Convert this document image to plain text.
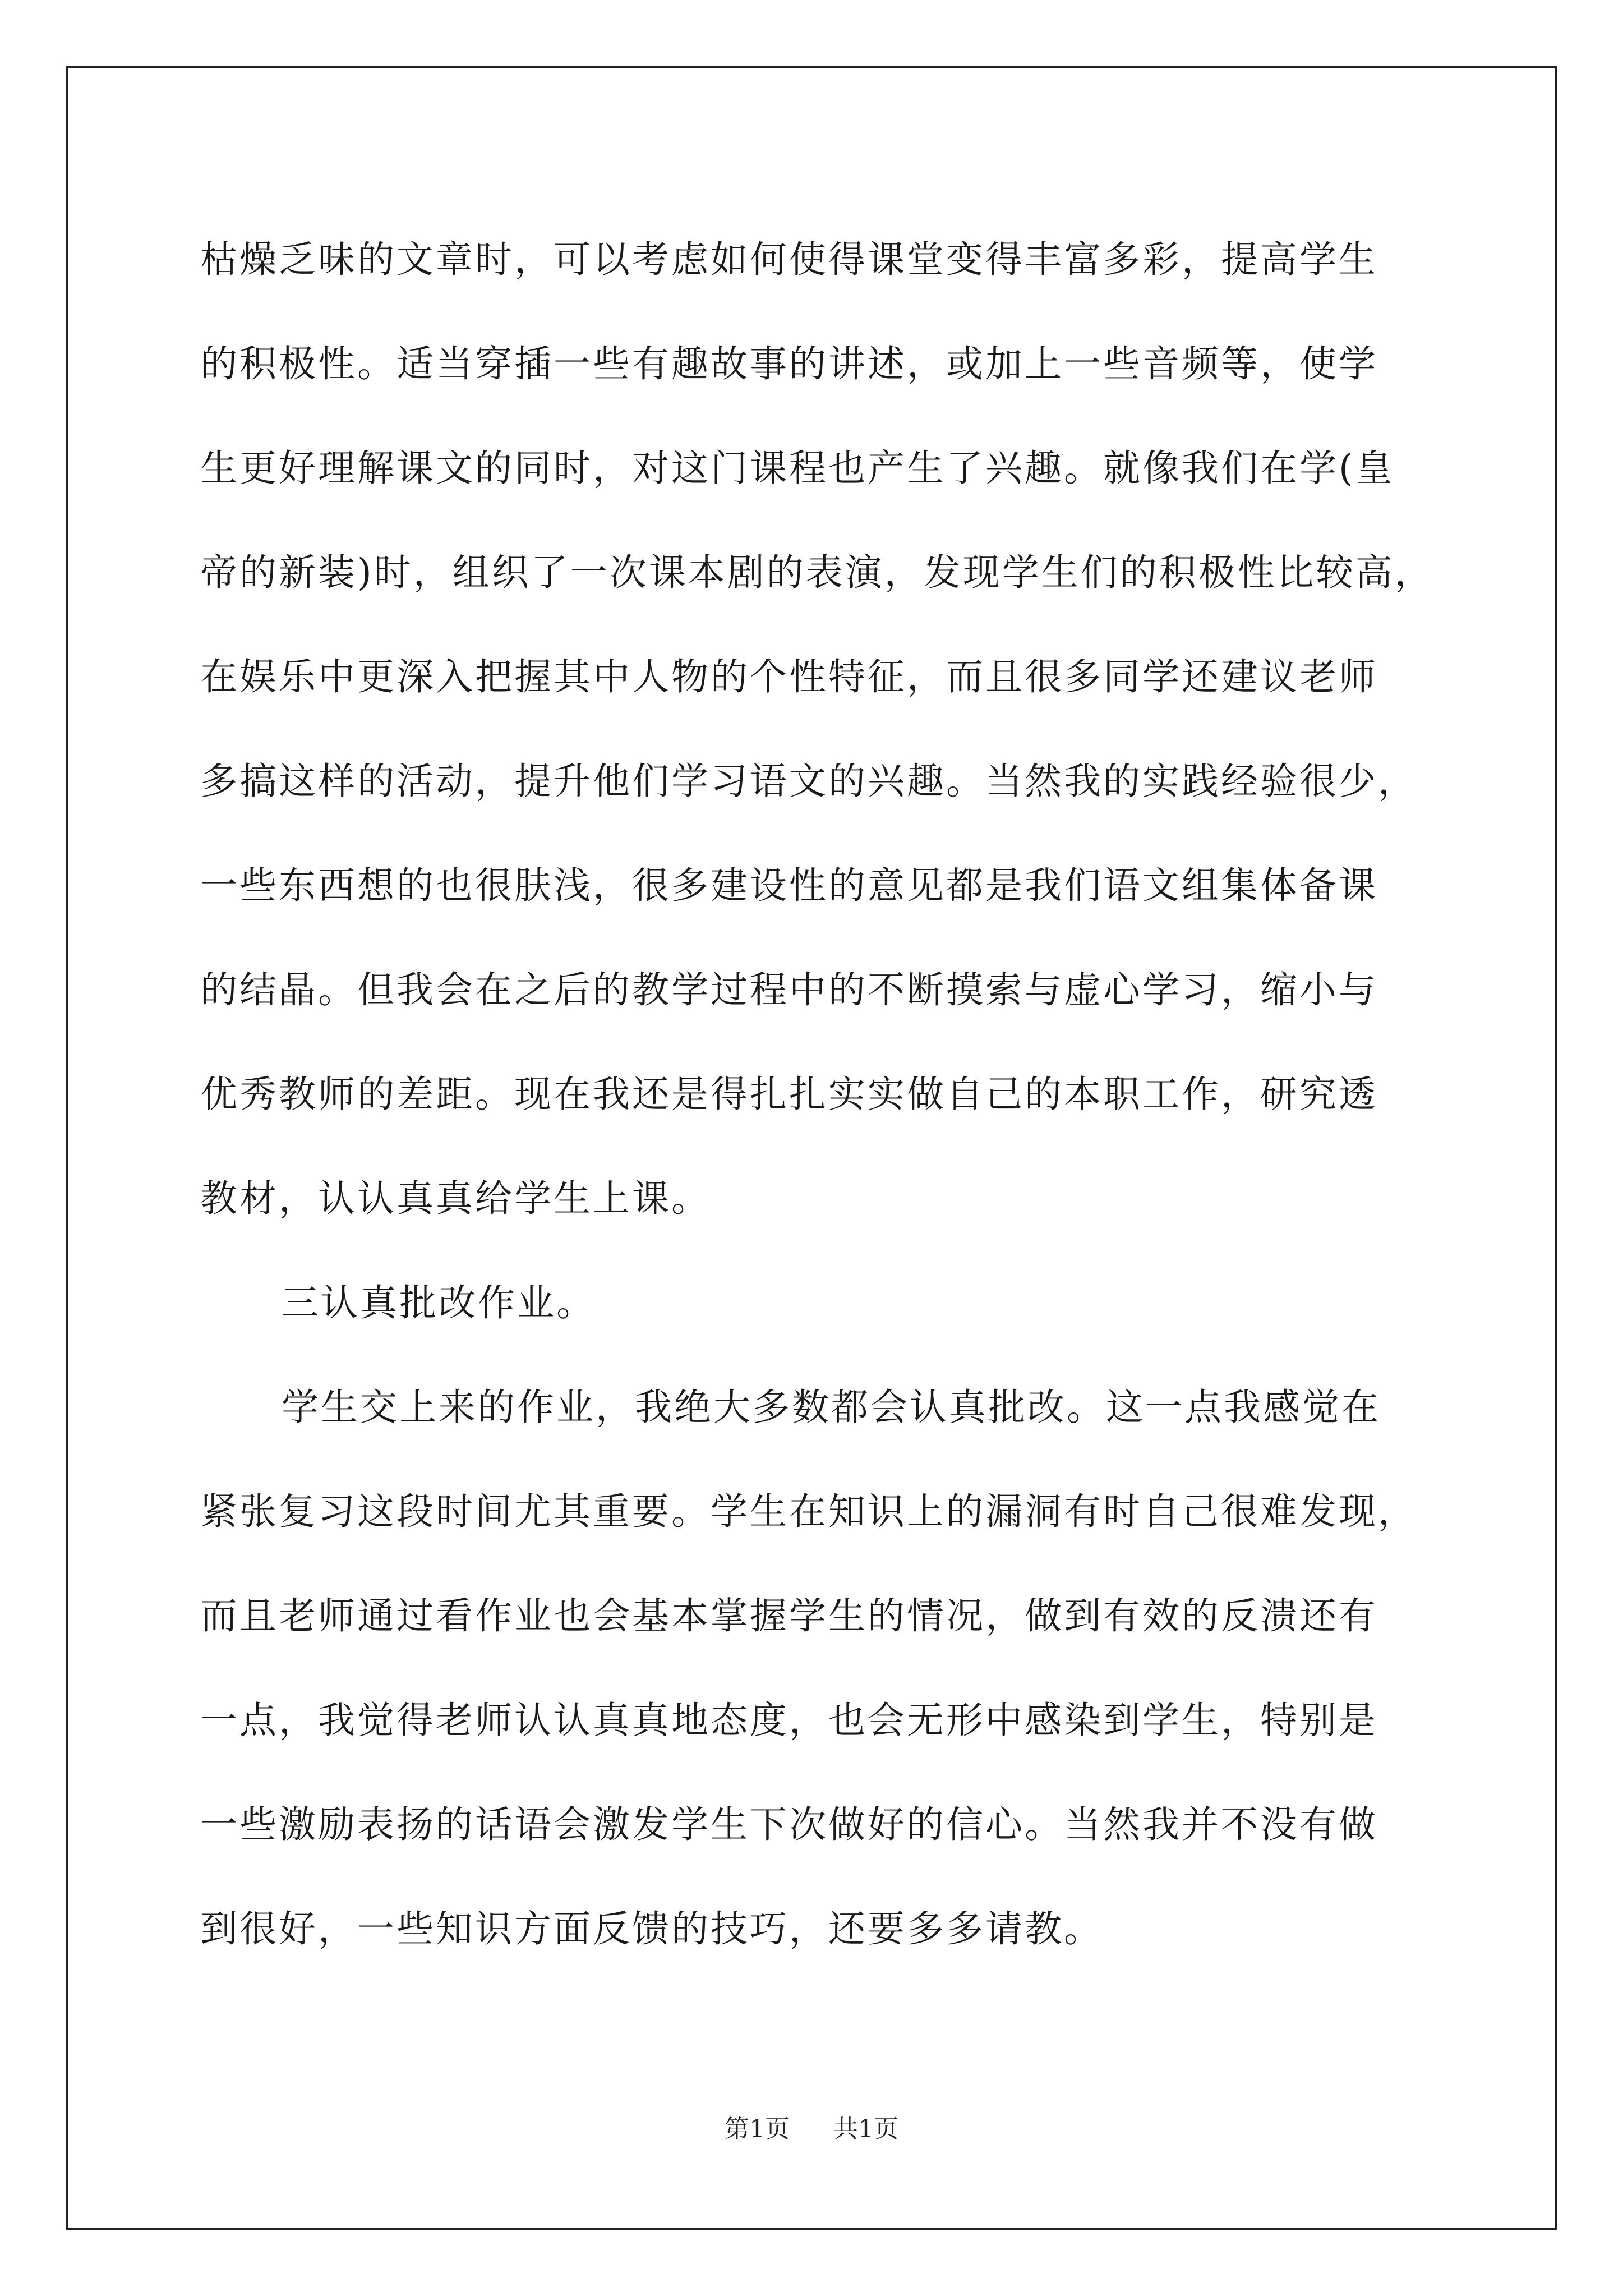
枯燥乏味的文章时，可以考虑如何使得课堂变得丰富多彩，提高学生
的积极性。适当穿插一些有趣故事的讲述，或加上一些音频等，使学
生更好理解课文的同时，对这门课程也产生了兴趣。就像我们在学(皇
帝的新装)时，组织了一次课本剧的表演，发现学生们的积极性比较高，
在娱乐中更深入把握其中人物的个性特征，而且很多同学还建议老师
多搞这样的活动，提升他们学习语文的兴趣。当然我的实践经验很少，
一些东西想的也很肤浅，很多建设性的意见都是我们语文组集体备课
的结晶。但我会在之后的教学过程中的不断摸索与虚心学习，缩小与
优秀教师的差距。现在我还是得扎扎实实做自己的本职工作，研究透
教材，认认真真给学生上课。
三认真批改作业。
学生交上来的作业，我绝大多数都会认真批改。这一点我感觉在
紧张复习这段时间尤其重要。学生在知识上的漏洞有时自己很难发现，
而且老师通过看作业也会基本掌握学生的情况，做到有效的反溃还有
一点，我觉得老师认认真真地态度，也会无形中感染到学生，特别是
一些激励表扬的话语会激发学生下次做好的信心。当然我并不没有做
到很好，一些知识方面反馈的技巧，还要多多请教。
第1页 共1页
